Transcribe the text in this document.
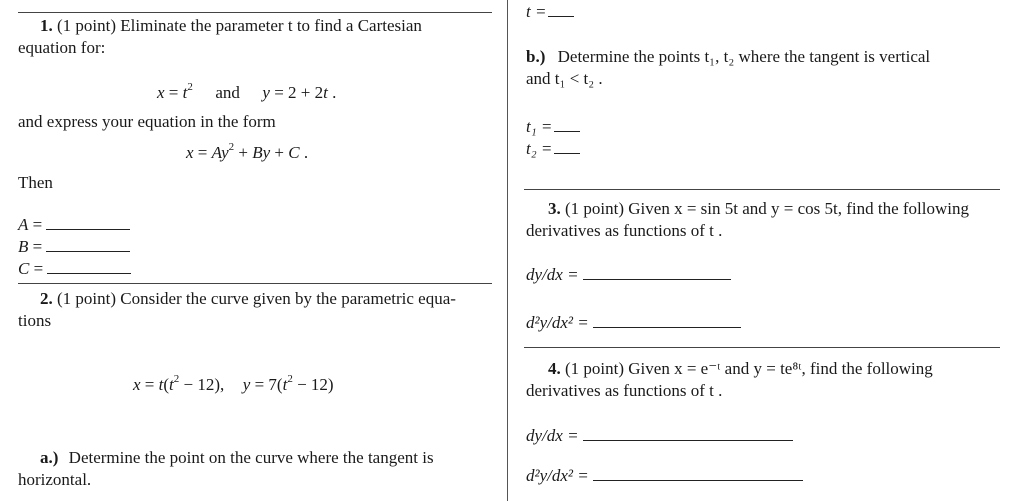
1. (1 point) Eliminate the parameter t to find a Cartesian
equation for:
$x = t^2$ and y = 2 + 2t .
and express your equation in the form
$x = Ay^2 + By + C$ .
Then
A =
B =
C =
2. (1 point) Consider the curve given by the parametric equa-
tions
$x = t(t^2 - 12)$,  $y = 7(t^2 - 12)$
a.) Determine the point on the curve where the tangent is
horizontal.
t =
b.) Determine the points t₁, t₂ where the tangent is vertical
and t₁ < t₂ .
t₁ =
t₂ =
3. (1 point) Given x = sin 5t and y = cos 5t, find the following
derivatives as functions of t .
dy/dx =
d²y/dx² =
4. (1 point) Given x = e⁻ᵗ and y = te⁸ᵗ, find the following
derivatives as functions of t .
dy/dx =
d²y/dx² =
